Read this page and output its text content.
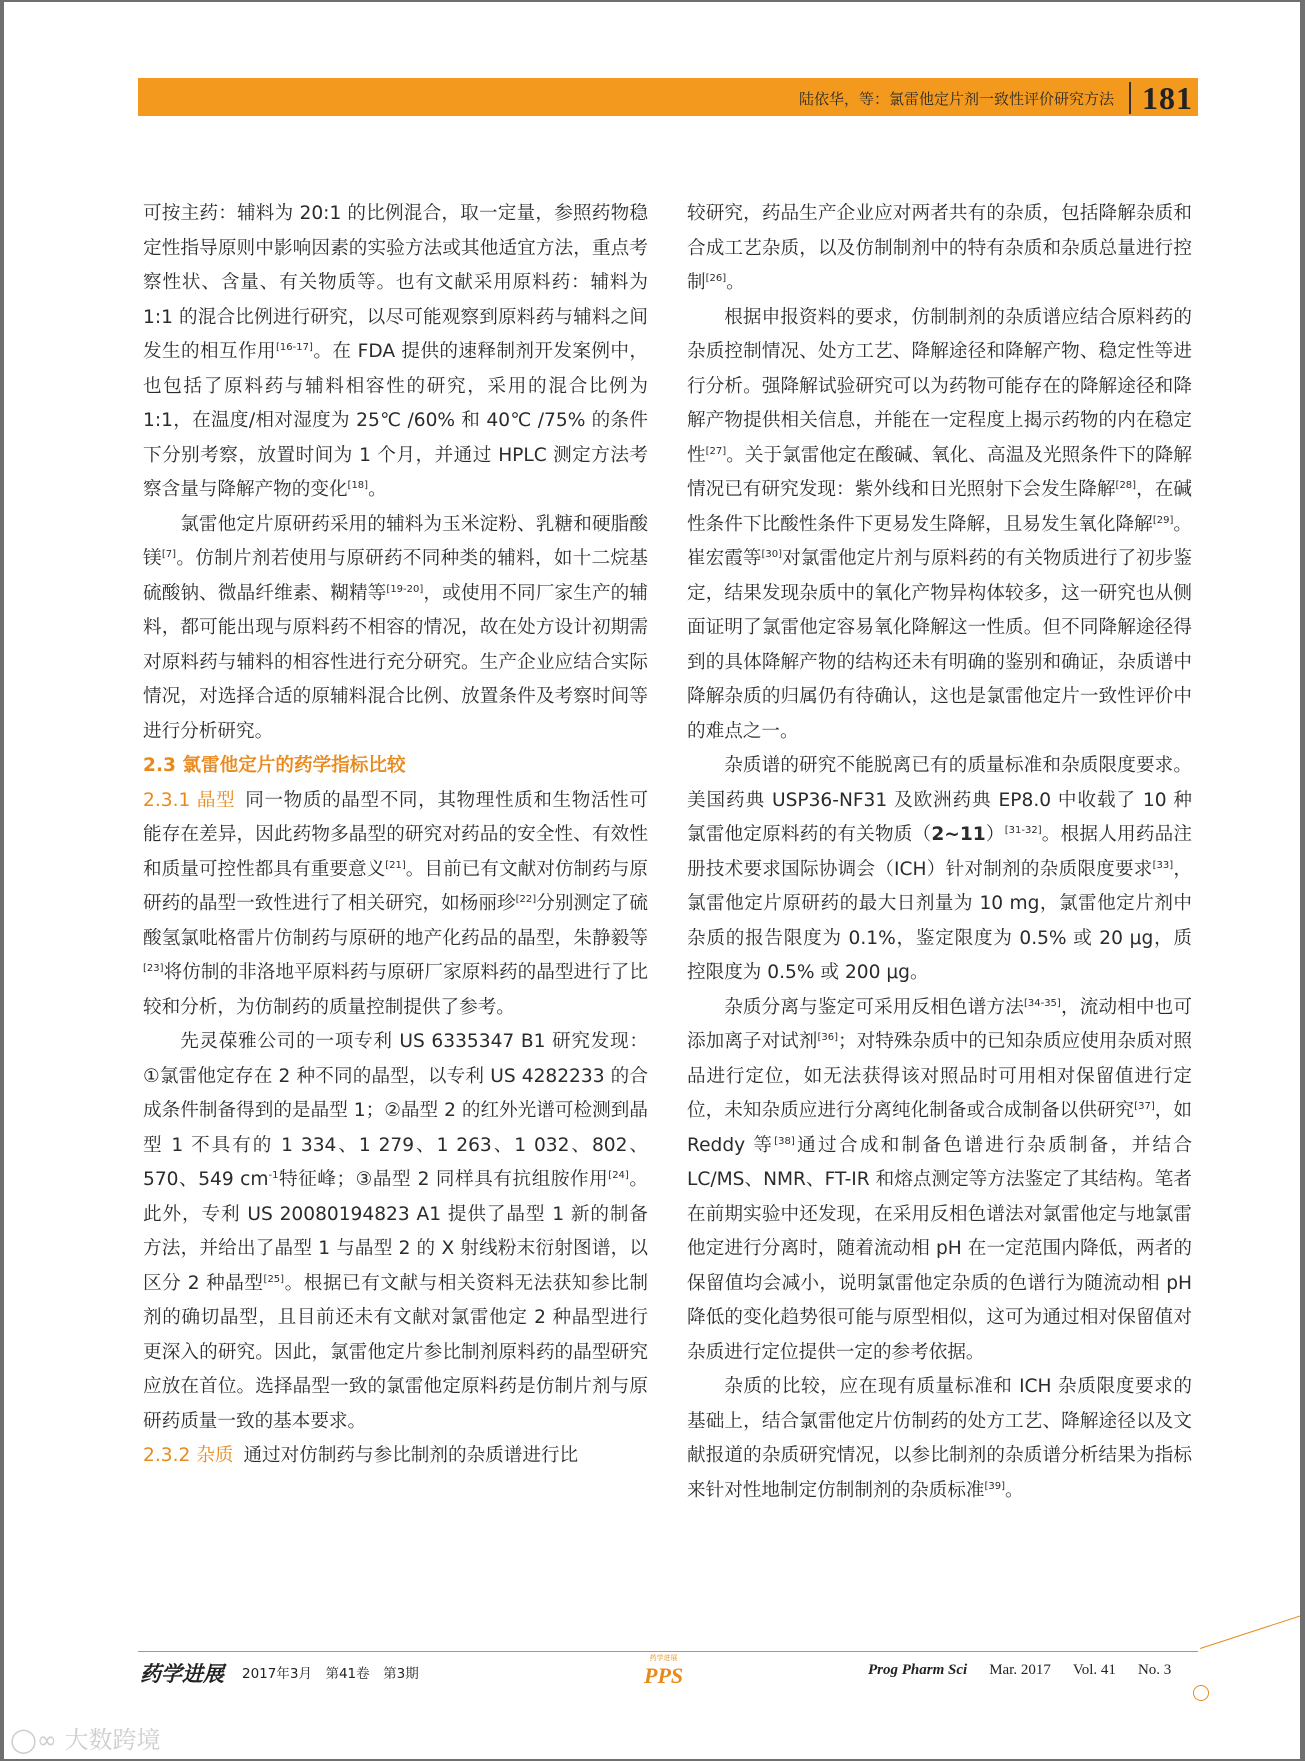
陆依华，等：氯雷他定片剂一致性评价研究方法 181

可按主药：辅料为 20:1 的比例混合，取一定量，参照药物稳定性指导原则中影响因素的实验方法或其他适宜方法，重点考察性状、含量、有关物质等。也有文献采用原料药：辅料为 1:1 的混合比例进行研究，以尽可能观察到原料药与辅料之间发生的相互作用[16-17]。在 FDA 提供的速释制剂开发案例中，也包括了原料药与辅料相容性的研究，采用的混合比例为 1:1，在温度/相对湿度为 25℃ /60% 和 40℃ /75% 的条件下分别考察，放置时间为 1 个月，并通过 HPLC 测定方法考察含量与降解产物的变化[18]。

氯雷他定片原研药采用的辅料为玉米淀粉、乳糖和硬脂酸镁[7]。仿制片剂若使用与原研药不同种类的辅料，如十二烷基硫酸钠、微晶纤维素、糊精等[19-20]，或使用不同厂家生产的辅料，都可能出现与原料药不相容的情况，故在处方设计初期需对原料药与辅料的相容性进行充分研究。生产企业应结合实际情况，对选择合适的原辅料混合比例、放置条件及考察时间等进行分析研究。

2.3 氯雷他定片的药学指标比较

2.3.1 晶型 同一物质的晶型不同，其物理性质和生物活性可能存在差异，因此药物多晶型的研究对药品的安全性、有效性和质量可控性都具有重要意义[21]。目前已有文献对仿制药与原研药的晶型一致性进行了相关研究，如杨丽珍[22]分别测定了硫酸氢氯吡格雷片仿制药与原研的地产化药品的晶型，朱静毅等[23]将仿制的非洛地平原料药与原研厂家原料药的晶型进行了比较和分析，为仿制药的质量控制提供了参考。

先灵葆雅公司的一项专利 US 6335347 B1 研究发现：①氯雷他定存在 2 种不同的晶型，以专利 US 4282233 的合成条件制备得到的是晶型 1；②晶型 2 的红外光谱可检测到晶型 1 不具有的 1 334、1 279、1 263、1 032、802、570、549 $cm^{-1}$特征峰；③晶型 2 同样具有抗组胺作用[24]。此外，专利 US 20080194823 A1 提供了晶型 1 新的制备方法，并给出了晶型 1 与晶型 2 的 X 射线粉末衍射图谱，以区分 2 种晶型[25]。根据已有文献与相关资料无法获知参比制剂的确切晶型，且目前还未有文献对氯雷他定 2 种晶型进行更深入的研究。因此，氯雷他定片参比制剂原料药的晶型研究应放在首位。选择晶型一致的氯雷他定原料药是仿制片剂与原研药质量一致的基本要求。

2.3.2 杂质 通过对仿制药与参比制剂的杂质谱进行比

较研究，药品生产企业应对两者共有的杂质，包括降解杂质和合成工艺杂质，以及仿制制剂中的特有杂质和杂质总量进行控制[26]。

根据申报资料的要求，仿制制剂的杂质谱应结合原料药的杂质控制情况、处方工艺、降解途径和降解产物、稳定性等进行分析。强降解试验研究可以为药物可能存在的降解途径和降解产物提供相关信息，并能在一定程度上揭示药物的内在稳定性[27]。关于氯雷他定在酸碱、氧化、高温及光照条件下的降解情况已有研究发现：紫外线和日光照射下会发生降解[28]，在碱性条件下比酸性条件下更易发生降解，且易发生氧化降解[29]。崔宏霞等[30]对氯雷他定片剂与原料药的有关物质进行了初步鉴定，结果发现杂质中的氧化产物异构体较多，这一研究也从侧面证明了氯雷他定容易氧化降解这一性质。但不同降解途径得到的具体降解产物的结构还未有明确的鉴别和确证，杂质谱中降解杂质的归属仍有待确认，这也是氯雷他定片一致性评价中的难点之一。

杂质谱的研究不能脱离已有的质量标准和杂质限度要求。美国药典 USP36-NF31 及欧洲药典 EP8.0 中收载了 10 种氯雷他定原料药的有关物质（2~11）[31-32]。根据人用药品注册技术要求国际协调会（ICH）针对制剂的杂质限度要求[33]，氯雷他定片原研药的最大日剂量为 10 mg，氯雷他定片剂中杂质的报告限度为 0.1%，鉴定限度为 0.5% 或 20 μg，质控限度为 0.5% 或 200 μg。

杂质分离与鉴定可采用反相色谱方法[34-35]，流动相中也可添加离子对试剂[36]；对特殊杂质中的已知杂质应使用杂质对照品进行定位，如无法获得该对照品时可用相对保留值进行定位，未知杂质应进行分离纯化制备或合成制备以供研究[37]，如 Reddy 等[38]通过合成和制备色谱进行杂质制备，并结合 LC/MS、NMR、FT-IR 和熔点测定等方法鉴定了其结构。笔者在前期实验中还发现，在采用反相色谱法对氯雷他定与地氯雷他定进行分离时，随着流动相 pH 在一定范围内降低，两者的保留值均会减小，说明氯雷他定杂质的色谱行为随流动相 pH 降低的变化趋势很可能与原型相似，这可为通过相对保留值对杂质进行定位提供一定的参考依据。

杂质的比较，应在现有质量标准和 ICH 杂质限度要求的基础上，结合氯雷他定片仿制药的处方工艺、降解途径以及文献报道的杂质研究情况，以参比制剂的杂质谱分析结果为指标来针对性地制定仿制制剂的杂质标准[39]。

药学进展 2017年3月　第41卷　第3期
药学进展
PPS	Prog Pharm Sci Mar. 2017 Vol. 41 No. 3
◯∞ 大数跨境
